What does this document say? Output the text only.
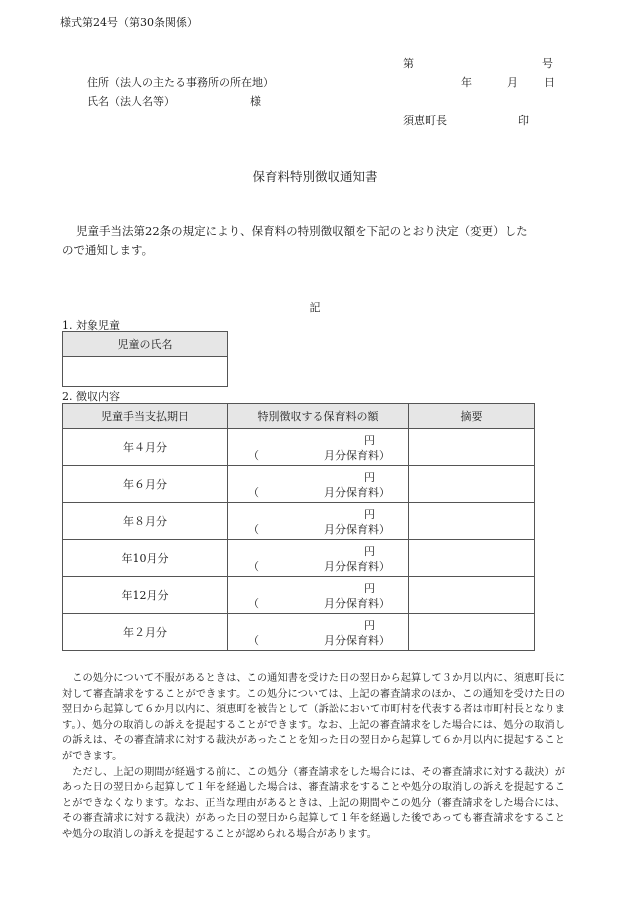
様式第24号（第30条関係）
第	号
住所（法人の主たる事務所の所在地）	年	月 日
氏名（法人名等）	様
須恵町長	印
保育料特別徴収通知書
児童手当法第22条の規定により、保育料の特別徴収額を下記のとおり決定（変更）した
ので通知します。
記
1. 対象児童
児童の氏名

2. 徴収内容
児童手当支払期日	特別徴収する保育料の額	摘要
年４月分	円
（ 月分保育料）	

年６月分	円
（ 月分保育料）	

年８月分	円
（ 月分保育料）	

年10月分	円
（ 月分保育料）	

年12月分	円
（ 月分保育料）	

年２月分	円
（ 月分保育料）	

この処分について不服があるときは、この通知書を受けた日の翌日から起算して３か月以内に、須恵町長に対して審査請求をすることができます。この処分については、上記の審査請求のほか、この通知を受けた日の翌日から起算して６か月以内に、須恵町を被告として（訴訟において市町村を代表する者は市町村長となります。）、処分の取消しの訴えを提起することができます。なお、上記の審査請求をした場合には、処分の取消しの訴えは、その審査請求に対する裁決があったことを知った日の翌日から起算して６か月以内に提起することができます。

ただし、上記の期間が経過する前に、この処分（審査請求をした場合には、その審査請求に対する裁決）があった日の翌日から起算して１年を経過した場合は、審査請求をすることや処分の取消しの訴えを提起することができなくなります。なお、正当な理由があるときは、上記の期間やこの処分（審査請求をした場合には、その審査請求に対する裁決）があった日の翌日から起算して１年を経過した後であっても審査請求をすることや処分の取消しの訴えを提起することが認められる場合があります。
